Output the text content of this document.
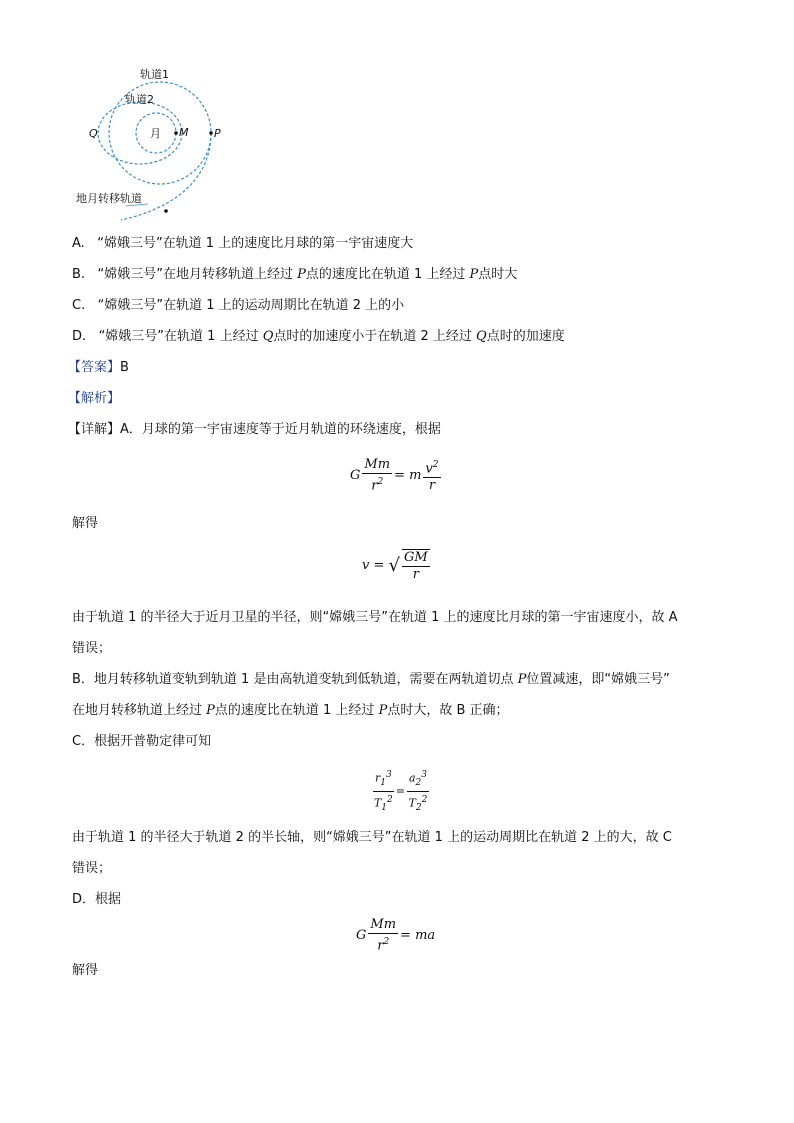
轨道1
轨道2
月 M
Q	P
地月转移轨道
A. “嫦娥三号”在轨道 1 上的速度比月球的第一宇宙速度大
B. “嫦娥三号”在地月转移轨道上经过 P点的速度比在轨道 1 上经过 P点时大
C. “嫦娥三号”在轨道 1 上的运动周期比在轨道 2 上的小
D. “嫦娥三号”在轨道 1 上经过 Q点时的加速度小于在轨道 2 上经过 Q点时的加速度
【答案】B
【解析】
【详解】A．月球的第一宇宙速度等于近月轨道的环绕速度，根据
G $\frac{Mm}{r^2} = m \frac{v^2}{r}$
解得
v = √ $\frac{GM}{r}$
由于轨道 1 的半径大于近月卫星的半径，则“嫦娥三号”在轨道 1 上的速度比月球的第一宇宙速度小，故 A
错误；
B．地月转移轨道变轨到轨道 1 是由高轨道变轨到低轨道，需要在两轨道切点 P位置减速，即“嫦娥三号”
在地月转移轨道上经过 P点的速度比在轨道 1 上经过 P点时大，故 B 正确；
C．根据开普勒定律可知
$\frac{r_1^3}{T_1^2} = \frac{a_2^3}{T_2^2}$
由于轨道 1 的半径大于轨道 2 的半长轴，则“嫦娥三号”在轨道 1 上的运动周期比在轨道 2 上的大，故 C
错误；
D．根据
G $\frac{Mm}{r^2}$ = ma
解得
